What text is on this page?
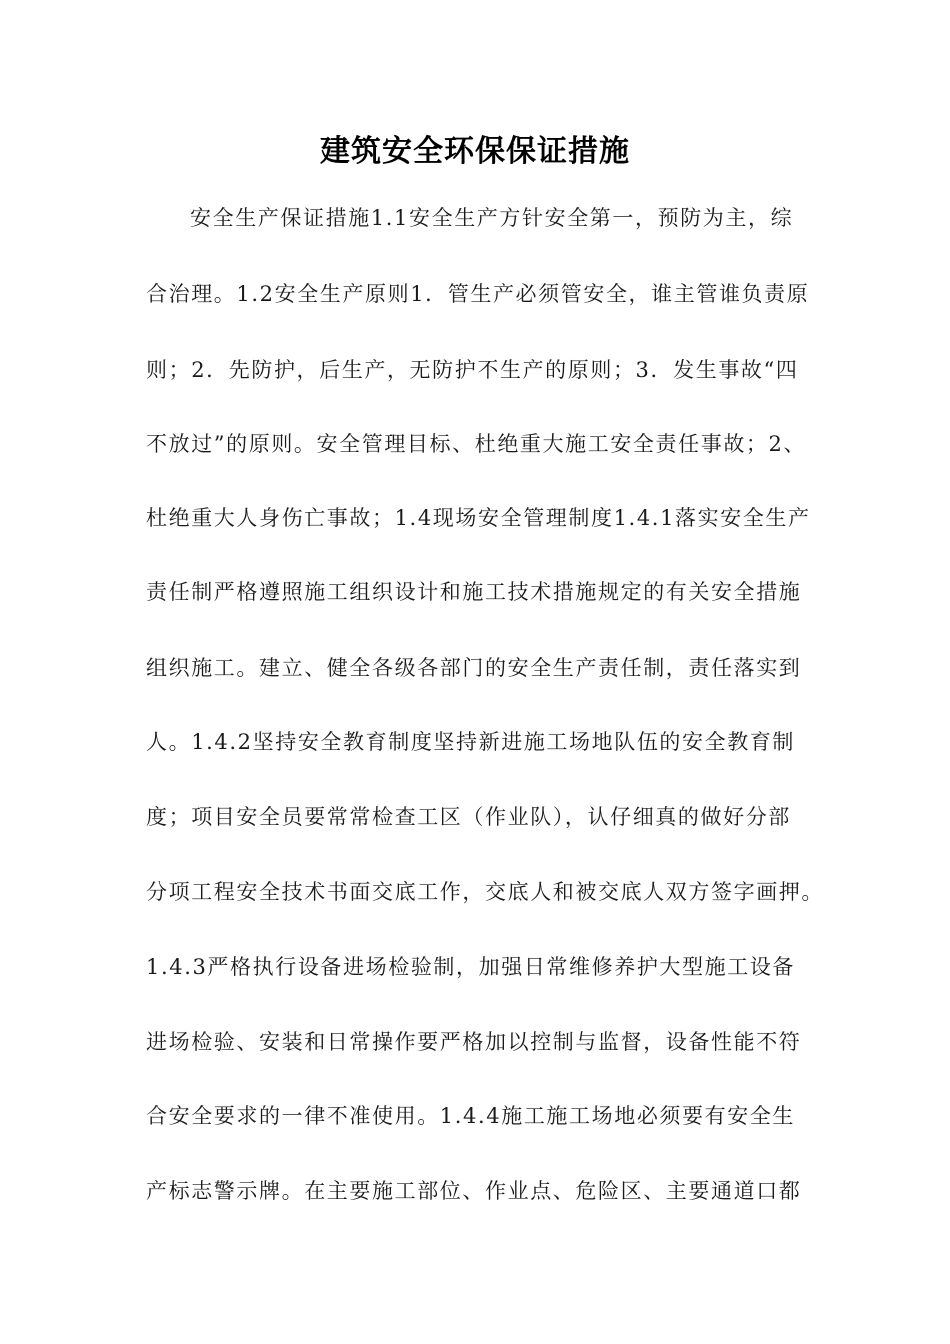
建筑安全环保保证措施
安全生产保证措施1.1安全生产方针安全第一，预防为主，综
合治理。1.2安全生产原则1．管生产必须管安全，谁主管谁负责原
则；2．先防护，后生产，无防护不生产的原则；3．发生事故“四
不放过”的原则。安全管理目标、杜绝重大施工安全责任事故；2、
杜绝重大人身伤亡事故；1.4现场安全管理制度1.4.1落实安全生产
责任制严格遵照施工组织设计和施工技术措施规定的有关安全措施
组织施工。建立、健全各级各部门的安全生产责任制，责任落实到
人。1.4.2坚持安全教育制度坚持新进施工场地队伍的安全教育制
度；项目安全员要常常检查工区（作业队），认仔细真的做好分部
分项工程安全技术书面交底工作，交底人和被交底人双方签字画押。
1.4.3严格执行设备进场检验制，加强日常维修养护大型施工设备
进场检验、安装和日常操作要严格加以控制与监督，设备性能不符
合安全要求的一律不准使用。1.4.4施工施工场地必须要有安全生
产标志警示牌。在主要施工部位、作业点、危险区、主要通道口都
